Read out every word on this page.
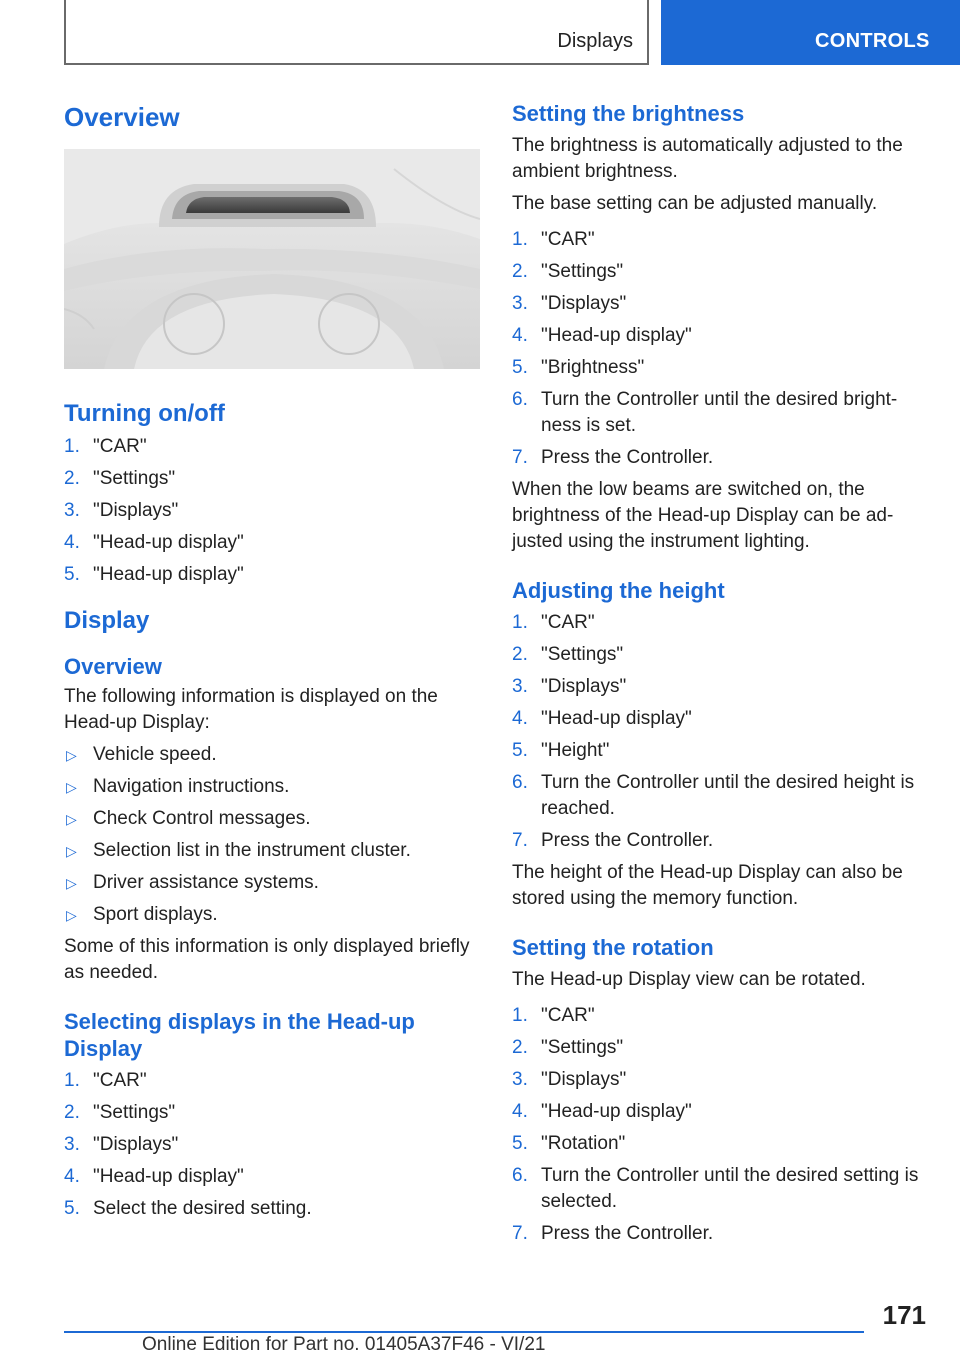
Displays	CONTROLS
Overview
Turning on/off
1. "CAR"
2. "Settings"
3. "Displays"
4. "Head-up display"
5. "Head-up display"
Display
Overview

The following information is displayed on the Head-up Display:

▷ Vehicle speed.
▷ Navigation instructions.
▷ Check Control messages.
▷ Selection list in the instrument cluster.
▷ Driver assistance systems.
▷ Sport displays.

Some of this information is only displayed briefly as needed.

Selecting displays in the Head-up Display
1. "CAR"
2. "Settings"
3. "Displays"
4. "Head-up display"
5. Select the desired setting.
Setting the brightness

The brightness is automatically adjusted to the ambient brightness.

The base setting can be adjusted manually.

1. "CAR"
2. "Settings"
3. "Displays"
4. "Head-up display"
5. "Brightness"
6. Turn the Controller until the desired bright‐ ness is set.
7. Press the Controller.

When the low beams are switched on, the brightness of the Head-up Display can be ad‐ justed using the instrument lighting.

Adjusting the height
1. "CAR"
2. "Settings"
3. "Displays"
4. "Head-up display"
5. "Height"
6. Turn the Controller until the desired height is reached.
7. Press the Controller.

The height of the Head-up Display can also be stored using the memory function.

Setting the rotation

The Head-up Display view can be rotated.

1. "CAR"
2. "Settings"
3. "Displays"
4. "Head-up display"
5. "Rotation"
6. Turn the Controller until the desired setting is selected.
7. Press the Controller.
171
Online Edition for Part no. 01405A37F46 - VI/21
